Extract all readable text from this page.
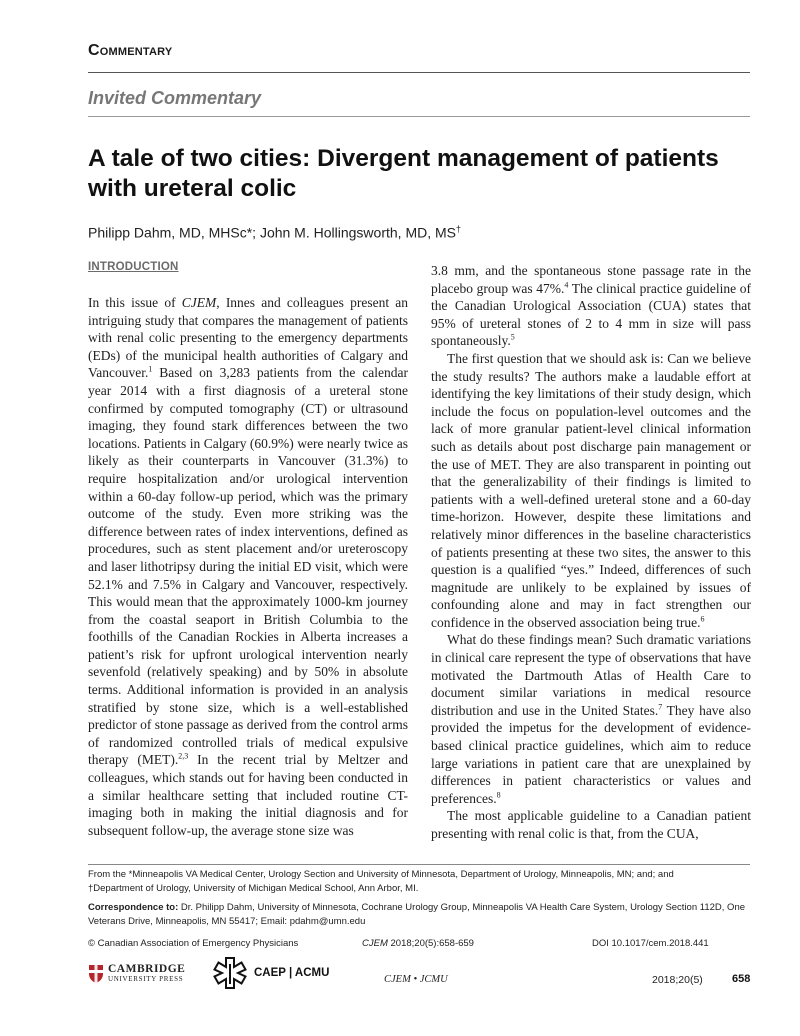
Commentary
Invited Commentary
A tale of two cities: Divergent management of patients with ureteral colic
Philipp Dahm, MD, MHSc*; John M. Hollingsworth, MD, MS†
INTRODUCTION

In this issue of CJEM, Innes and colleagues present an intriguing study that compares the management of patients with renal colic presenting to the emergency departments (EDs) of the municipal health authorities of Calgary and Vancouver.$^1$ Based on 3,283 patients from the calendar year 2014 with a first diagnosis of a ureteral stone confirmed by computed tomography (CT) or ultrasound imaging, they found stark differences between the two locations. Patients in Calgary (60.9%) were nearly twice as likely as their counterparts in Vancouver (31.3%) to require hospitalization and/or urological intervention within a 60-day follow-up period, which was the primary outcome of the study. Even more striking was the difference between rates of index interventions, defined as procedures, such as stent placement and/or ureteroscopy and laser lithotripsy during the initial ED visit, which were 52.1% and 7.5% in Calgary and Vancouver, respectively. This would mean that the approximately 1000-km journey from the coastal seaport in British Columbia to the foothills of the Canadian Rockies in Alberta increases a patient’s risk for upfront urological intervention nearly sevenfold (relatively speaking) and by 50% in absolute terms. Additional information is provided in an analysis stratified by stone size, which is a well-established predictor of stone passage as derived from the control arms of randomized controlled trials of medical expulsive therapy (MET).$^{2,3}$ In the recent trial by Meltzer and colleagues, which stands out for having been conducted in a similar healthcare setting that included routine CT-imaging both in making the initial diagnosis and for subsequent follow-up, the average stone size was

3.8 mm, and the spontaneous stone passage rate in the placebo group was 47%.$^4$ The clinical practice guideline of the Canadian Urological Association (CUA) states that 95% of ureteral stones of 2 to 4 mm in size will pass spontaneously.$^5$

The first question that we should ask is: Can we believe the study results? The authors make a laudable effort at identifying the key limitations of their study design, which include the focus on population-level outcomes and the lack of more granular patient-level clinical information such as details about post discharge pain management or the use of MET. They are also transparent in pointing out that the generalizability of their findings is limited to patients with a well-defined ureteral stone and a 60-day time-horizon. However, despite these limitations and relatively minor differences in the baseline characteristics of patients presenting at these two sites, the answer to this question is a qualified “yes.” Indeed, differences of such magnitude are unlikely to be explained by issues of confounding alone and may in fact strengthen our confidence in the observed association being true.$^6$

What do these findings mean? Such dramatic variations in clinical care represent the type of observations that have motivated the Dartmouth Atlas of Health Care to document similar variations in medical resource distribution and use in the United States.$^7$ They have also provided the impetus for the development of evidence-based clinical practice guidelines, which aim to reduce large variations in patient care that are unexplained by differences in patient characteristics or values and preferences.$^8$

The most applicable guideline to a Canadian patient presenting with renal colic is that, from the CUA,

From the *Minneapolis VA Medical Center, Urology Section and University of Minnesota, Department of Urology, Minneapolis, MN; and; and
†Department of Urology, University of Michigan Medical School, Ann Arbor, MI.

Correspondence to: Dr. Philipp Dahm, University of Minnesota, Cochrane Urology Group, Minneapolis VA Health Care System, Urology Section 112D, One Veterans Drive, Minneapolis, MN 55417; Email: pdahm@umn.edu

© Canadian Association of Emergency Physicians	CJEM 2018;20(5):658-659	DOI 10.1017/cem.2018.441
CAMBRIDGE
UNIVERSITY PRESS	CAEP | ACMU
CJEM • JCMU	2018;20(5)	658
